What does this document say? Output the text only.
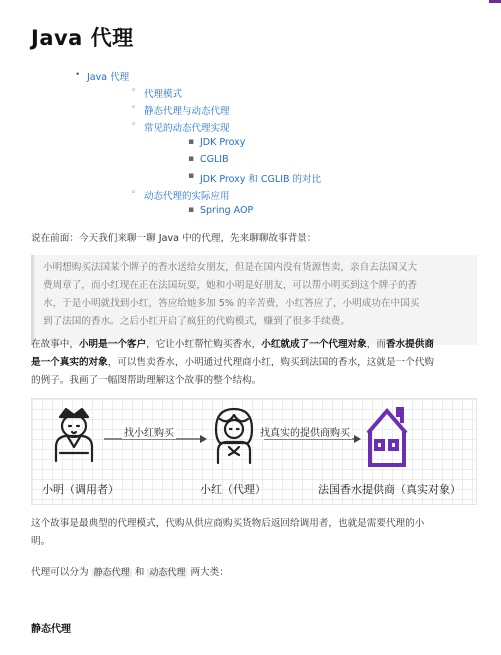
Java 代理
• Java 代理
◦ 代理模式
◦ 静态代理与动态代理
◦ 常见的动态代理实现
▪ JDK Proxy
▪ CGLIB
▪ JDK Proxy 和 CGLIB 的对比
◦ 动态代理的实际应用
▪ Spring AOP
说在前面：今天我们来聊一聊 Java 中的代理，先来聊聊故事背景：
小明想购买法国某个牌子的香水送给女朋友，但是在国内没有货源售卖，亲自去法国又大
费周章了，而小红现在正在法国玩耍，她和小明是好朋友，可以帮小明买到这个牌子的香
水，于是小明就找到小红，答应给她多加 5% 的辛苦费，小红答应了，小明成功在中国买
到了法国的香水。之后小红开启了疯狂的代购模式，赚到了很多手续费。
在故事中，小明是一个客户，它让小红帮忙购买香水，小红就成了一个代理对象，而香水提供商
是一个真实的对象，可以售卖香水，小明通过代理商小红，购买到法国的香水，这就是一个代购
的例子。我画了一幅图帮助理解这个故事的整个结构。
找小红购买	找真实的提供商购买
小明（调用者）	小红（代理）	法国香水提供商（真实对象）
这个故事是最典型的代理模式，代购从供应商购买货物后返回给调用者，也就是需要代理的小
明。
代理可以分为 静态代理 和 动态代理 两大类：
静态代理
